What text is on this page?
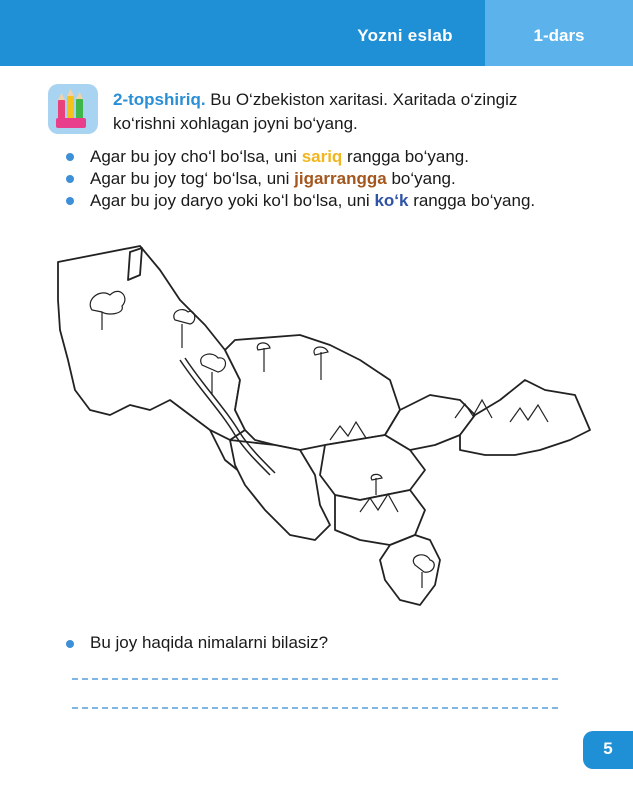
Yozni eslab	1-dars
2-topshiriq. Bu O‘zbekiston xaritasi. Xaritada o‘zingiz ko‘rishni xohlagan joyni bo‘yang.
Agar bu joy cho‘l bo‘lsa, uni sariq rangga bo‘yang.
Agar bu joy tog‘ bo‘lsa, uni jigarrangga bo‘yang.
Agar bu joy daryo yoki ko‘l bo‘lsa, uni ko‘k rangga bo‘yang.
Bu joy haqida nimalarni bilasiz?
5
